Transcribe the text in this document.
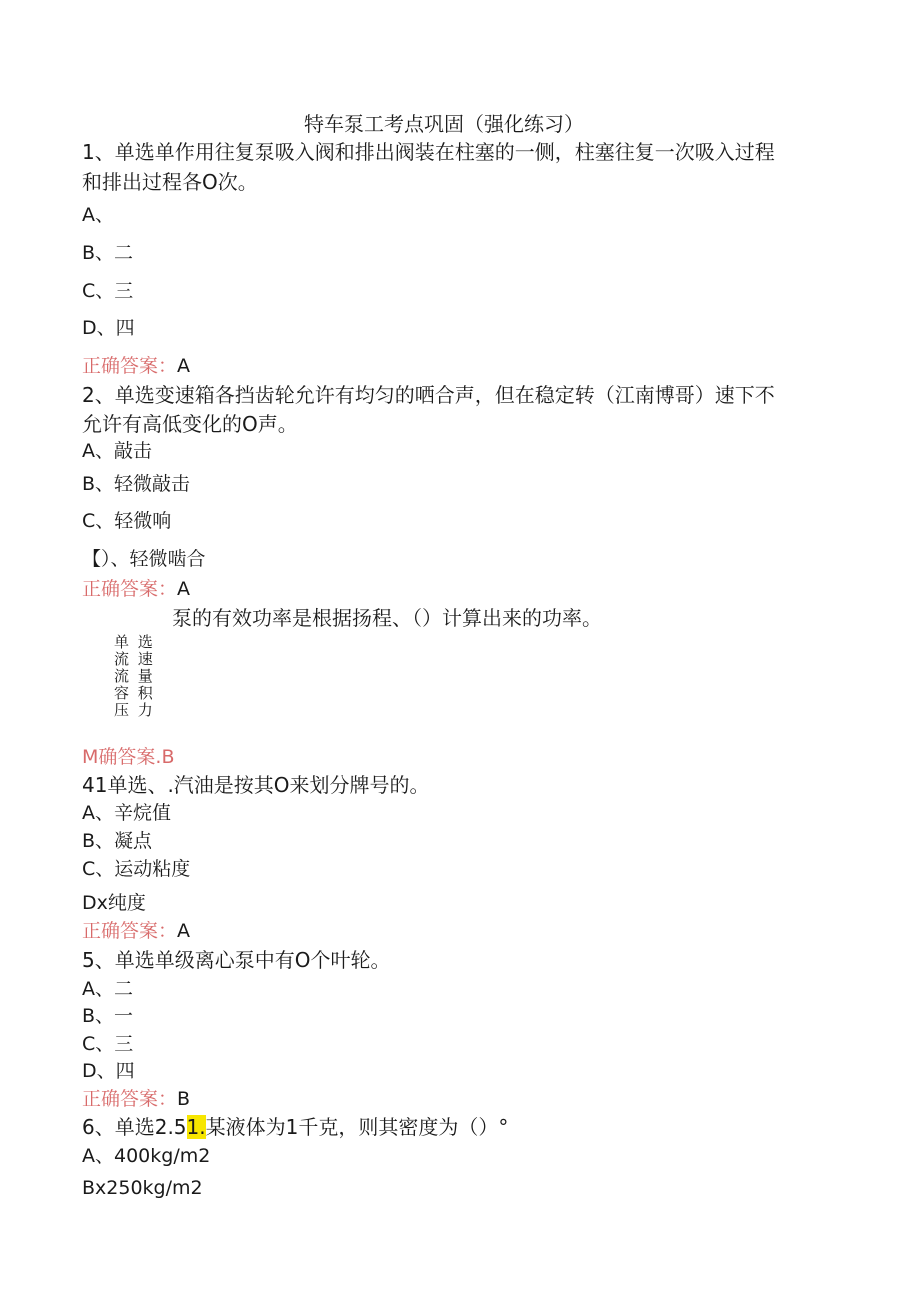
特车泵工考点巩固（强化练习）
1、单选单作用往复泵吸入阀和排出阀装在柱塞的一侧，柱塞往复一次吸入过程
和排出过程各O次。
A、
B、二
C、三
D、四
正确答案：A
2、单选变速箱各挡齿轮允许有均匀的哂合声，但在稳定转（江南博哥）速下不
允许有高低变化的O声。
A、敲击
B、轻微敲击
C、轻微响
【）、轻微啮合
正确答案：A
泵的有效功率是根据扬程、（）计算出来的功率。
单 选
流 速
流 量
容 积
压 力
M确答案.B
41单选、.汽油是按其O来划分牌号的。
A、辛烷值
B、凝点
C、运动粘度
Dx纯度
正确答案：A
5、单选单级离心泵中有O个叶轮。
A、二
B、一
C、三
D、四
正确答案：B
6、单选2.51.某液体为1千克，则其密度为（）°
A、400kg/m2
Bx250kg/m2
